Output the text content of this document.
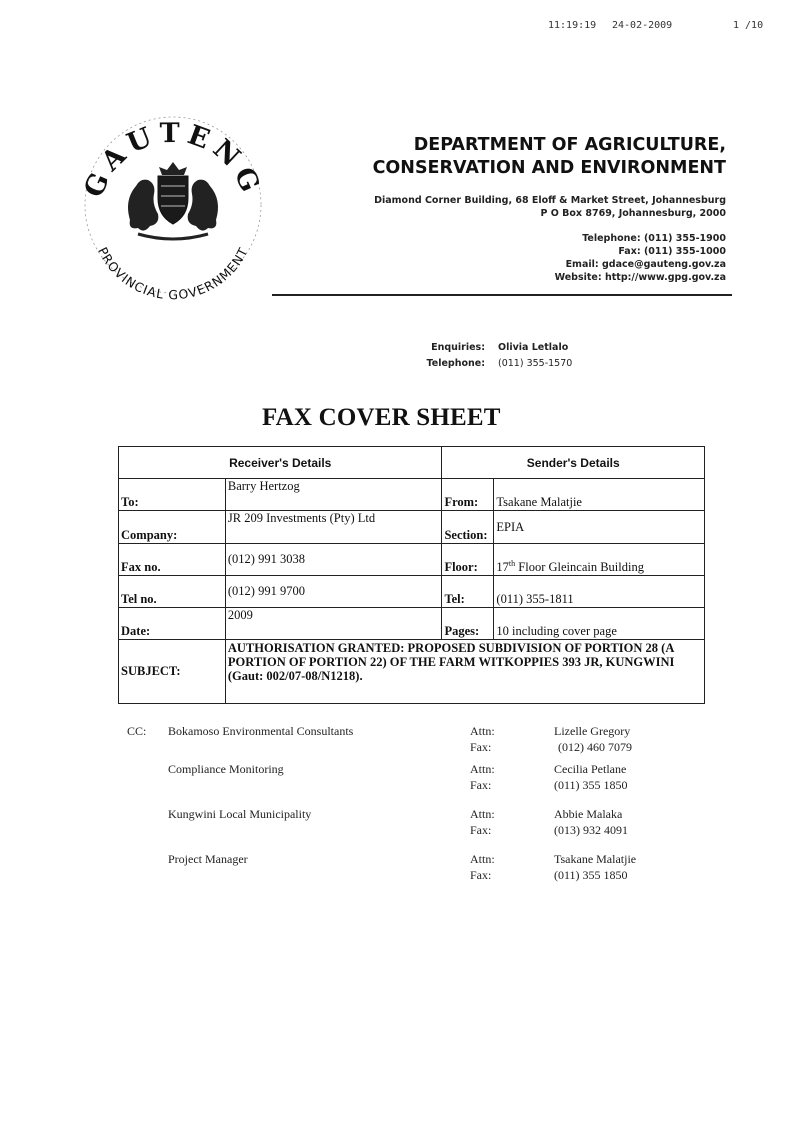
11:19:19 24-02-2009	1 /10
GAUTENG
PROVINCIAL GOVERNMENT
DEPARTMENT OF AGRICULTURE,
CONSERVATION AND ENVIRONMENT
Diamond Corner Building, 68 Eloff & Market Street, Johannesburg
P O Box 8769, Johannesburg, 2000
Telephone: (011) 355-1900
Fax: (011) 355-1000
Email: gdace@gauteng.gov.za
Website: http://www.gpg.gov.za
Enquiries: Olivia Letlalo
Telephone: (011) 355-1570
FAX COVER SHEET
Receiver's Details		Sender's Details	
To:	Barry Hertzog	From:	Tsakane Malatjie
Company:	JR 209 Investments (Pty) Ltd	Section:	EPIA
Fax no.	(012) 991 3038	Floor:	17th Floor Gleincain Building
Tel no.	(012) 991 9700	Tel:	(011) 355-1811
Date:	2009	Pages:	10 including cover page
SUBJECT:	AUTHORISATION GRANTED: PROPOSED SUBDIVISION OF PORTION 28 (A PORTION OF PORTION 22) OF THE FARM WITKOPPIES 393 JR, KUNGWINI (Gaut: 002/07-08/N1218).		
CC: Bokamoso Environmental Consultants	Attn:	Lizelle Gregory
Fax:	(012) 460 7079
Compliance Monitoring	Attn:	Cecilia Petlane
Fax:	(011) 355 1850
Kungwini Local Municipality	Attn:	Abbie Malaka
Fax:	(013) 932 4091
Project Manager	Attn:	Tsakane Malatjie
Fax:	(011) 355 1850
